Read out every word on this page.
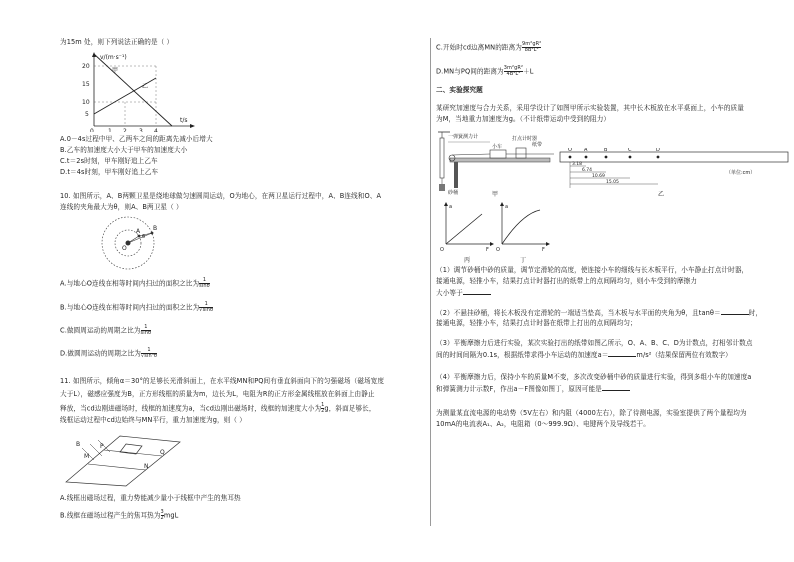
为15m 处，则下列说法正确的是（ ）
v/(m·s⁻¹)
t/s
20
15
10
5
0 1 2 3 4
甲
乙
A.0－4s过程中甲、乙两车之间的距离先减小后增大
B.乙车的加速度大小大于甲车的加速度大小
C.t＝2s时刻，甲车刚好追上乙车
D.t＝4s时刻，甲车刚好追上乙车
10. 如图所示，A、B两颗卫星是绕地球做匀速圆周运动，O为地心，在两卫星运行过程中，A、B连线和O、A
连线的夹角最大为θ，则A、B两卫星（ ）
A B
O
θ
A.与地心O连线在相等时间内扫过的面积之比为 $\frac{1}{\sin\theta}$
B.与地心O连线在相等时间内扫过的面积之比为 $\frac{1}{√\sin\theta}$
C.做圆周运动的周期之比为 $\frac{1}{\sin\theta}$
D.做圆周运动的周期之比为 $\frac{1}{\text{√sin³θ}}$
11. 如图所示，倾角α＝30°的足够长光滑斜面上，在水平线MN和PQ间有垂直斜面向下的匀强磁场（磁场宽度
大于L），磁感应强度为B，正方形线框的质量为m，边长为L，电阻为R的正方形金属线框放在斜面上由静止
释放，当cd边刚进磁场时，线框的加速度为a，当cd边刚出磁场时，线框的加速度大小为 $\frac{1}{2}$ g，斜面足够长，
线框运动过程中cd边始终与MN平行，重力加速度为g，则（ ）
M
N
P
Q
B
A.线框出磁场过程，重力势能减少量小于线框中产生的焦耳热
B.线框在磁场过程产生的焦耳热为 $\frac{3}{2}$ mgL
C.开始时cd边离MN的距离为 $\frac{\text{9m²gR²}}{\text{8B⁴L⁴}}$
D.MN与PQ间的距离为 $\frac{\text{3m²gR²}}{\text{4B⁴L⁴}} +L$
二、实验探究题
某研究加速度与合力关系，采用学设计了如图甲所示实验装置，其中长木板放在水平桌面上，小车的质量
为M，当地重力加速度为g。（不计纸带运动中受到的阻力）
一弹簧测力计
小车
打点计时器
纸带
砂桶	甲
O A	B	C	D
3.18
6.74
10.69
15.05
（单位:cm）
乙
a
F
O
丙
a
F
O
丁
（1）调节砂桶中砂的质量，调节定滑轮的高度，使连接小车的细线与长木板平行，小车静止打点计时器，
接通电源，轻推小车，结果打点计时器打出的纸带上的点间隔均匀，则小车受到的摩擦力
大小等于
（2）不悬挂砂桶，将长木板没有定滑轮的一端适当垫高，当木板与水平面的夹角为θ，且tanθ＝	时，
接通电源，轻推小车，结果打点计时器在纸带上打出的点间隔均匀；
（3）平衡摩擦力后进行实验，某次实验打出的纸带如图乙所示，O、A、B、C、D为计数点，打相邻计数点
间的时间间隔为0.1s，根据纸带求得小车运动的加速度a＝	m/s²（结果保留两位有效数字）
（4）平衡摩擦力后，保持小车的质量M不变，多次改变砂桶中砂的质量进行实验，得到多组小车的加速度a
和弹簧测力计示数F，作出a－F图像如图丁，原因可能是
为测量某直流电源的电动势（5V左右）和内阻（4000左右），除了待测电源，实验室提供了两个量程均为
10mA的电流表A₁、A₂，电阻箱（0～999.9Ω）、电键两个及导线若干。
